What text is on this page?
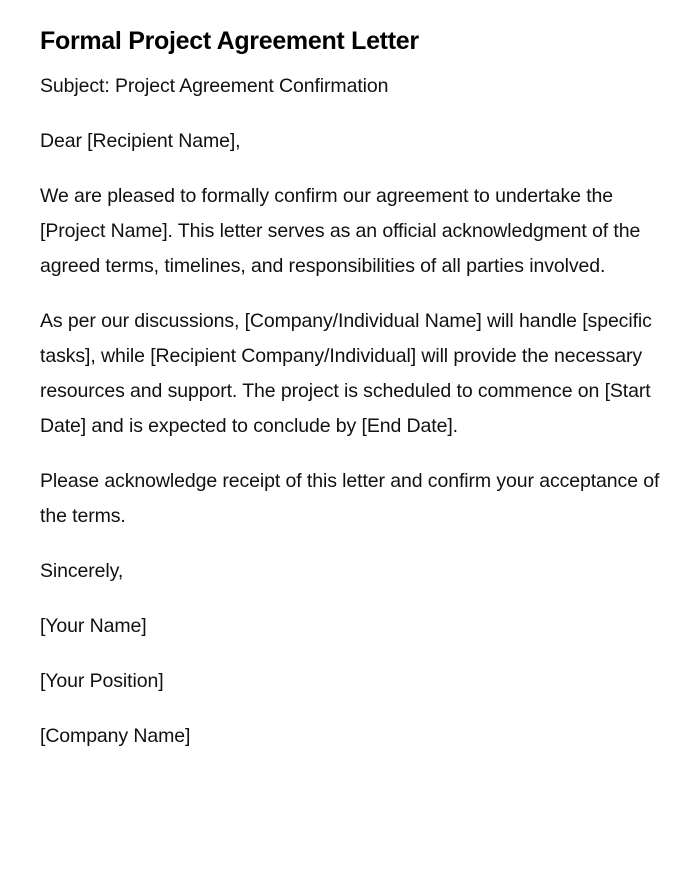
Formal Project Agreement Letter

Subject: Project Agreement Confirmation

Dear [Recipient Name],

We are pleased to formally confirm our agreement to undertake the [Project Name]. This letter serves as an official acknowledgment of the agreed terms, timelines, and responsibilities of all parties involved.

As per our discussions, [Company/Individual Name] will handle [specific tasks], while [Recipient Company/Individual] will provide the necessary resources and support. The project is scheduled to commence on [Start Date] and is expected to conclude by [End Date].

Please acknowledge receipt of this letter and confirm your acceptance of the terms.

Sincerely,

[Your Name]

[Your Position]

[Company Name]
